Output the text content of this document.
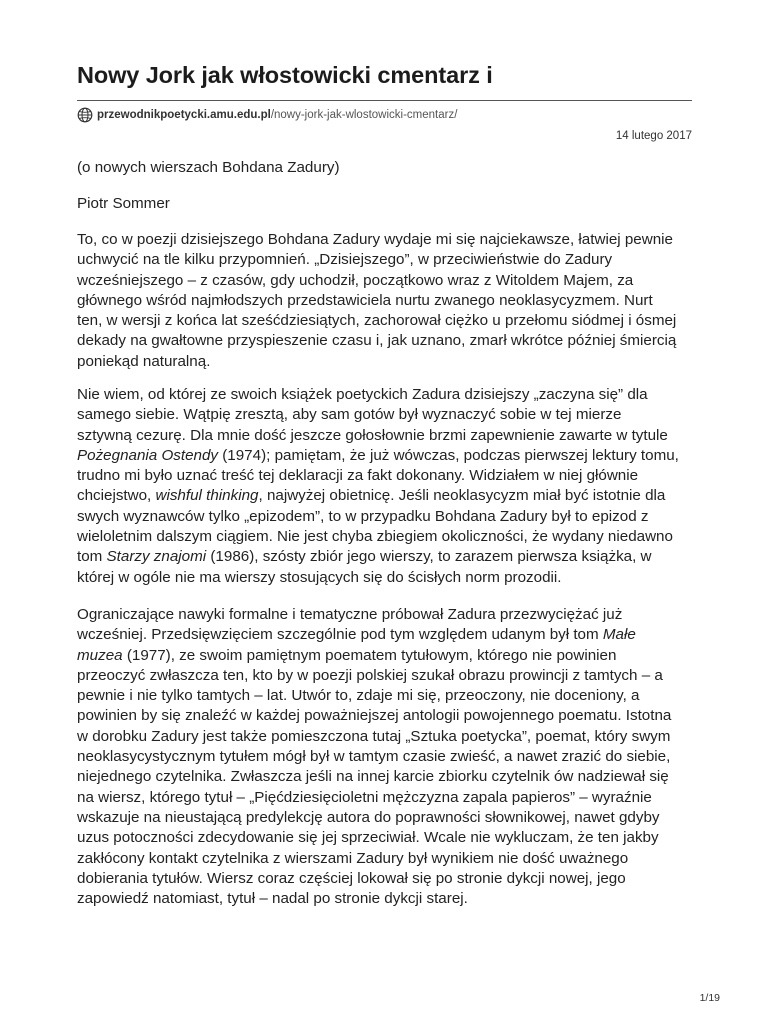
Nowy Jork jak włostowicki cmentarz i
przewodnikpoetycki.amu.edu.pl /nowy-jork-jak-wlostowicki-cmentarz/
14 lutego 2017

(o nowych wierszach Bohdana Zadury)

Piotr Sommer

To, co w poezji dzisiejszego Bohdana Zadury wydaje mi się najciekawsze, łatwiej pewnie
uchwycić na tle kilku przypomnień. „Dzisiejszego”, w przeciwieństwie do Zadury
wcześniejszego – z czasów, gdy uchodził, początkowo wraz z Witoldem Majem, za
głównego wśród najmłodszych przedstawiciela nurtu zwanego neoklasycyzmem. Nurt
ten, w wersji z końca lat sześćdziesiątych, zachorował ciężko u przełomu siódmej i ósmej
dekady na gwałtowne przyspieszenie czasu i, jak uznano, zmarł wkrótce później śmiercią
poniekąd naturalną.

Nie wiem, od której ze swoich książek poetyckich Zadura dzisiejszy „zaczyna się” dla
samego siebie. Wątpię zresztą, aby sam gotów był wyznaczyć sobie w tej mierze
sztywną cezurę. Dla mnie dość jeszcze gołosłownie brzmi zapewnienie zawarte w tytule
Pożegnania Ostendy (1974); pamiętam, że już wówczas, podczas pierwszej lektury tomu,
trudno mi było uznać treść tej deklaracji za fakt dokonany. Widziałem w niej głównie
chciejstwo, wishful thinking, najwyżej obietnicę. Jeśli neoklasycyzm miał być istotnie dla
swych wyznawców tylko „epizodem”, to w przypadku Bohdana Zadury był to epizod z
wieloletnim dalszym ciągiem. Nie jest chyba zbiegiem okoliczności, że wydany niedawno
tom Starzy znajomi (1986), szósty zbiór jego wierszy, to zarazem pierwsza książka, w
której w ogóle nie ma wierszy stosujących się do ścisłych norm prozodii.

Ograniczające nawyki formalne i tematyczne próbował Zadura przezwyciężać już
wcześniej. Przedsięwzięciem szczególnie pod tym względem udanym był tom Małe
muzea (1977), ze swoim pamiętnym poematem tytułowym, którego nie powinien
przeoczyć zwłaszcza ten, kto by w poezji polskiej szukał obrazu prowincji z tamtych – a
pewnie i nie tylko tamtych – lat. Utwór to, zdaje mi się, przeoczony, nie doceniony, a
powinien by się znaleźć w każdej poważniejszej antologii powojennego poematu. Istotna
w dorobku Zadury jest także pomieszczona tutaj „Sztuka poetycka”, poemat, który swym
neoklasycystycznym tytułem mógł był w tamtym czasie zwieść, a nawet zrazić do siebie,
niejednego czytelnika. Zwłaszcza jeśli na innej karcie zbiorku czytelnik ów nadziewał się
na wiersz, którego tytuł – „Pięćdziesięcioletni mężczyzna zapala papieros” – wyraźnie
wskazuje na nieustającą predylekcję autora do poprawności słownikowej, nawet gdyby
uzus potoczności zdecydowanie się jej sprzeciwiał. Wcale nie wykluczam, że ten jakby
zakłócony kontakt czytelnika z wierszami Zadury był wynikiem nie dość uważnego
dobierania tytułów. Wiersz coraz częściej lokował się po stronie dykcji nowej, jego
zapowiedź natomiast, tytuł – nadal po stronie dykcji starej.

1/19
